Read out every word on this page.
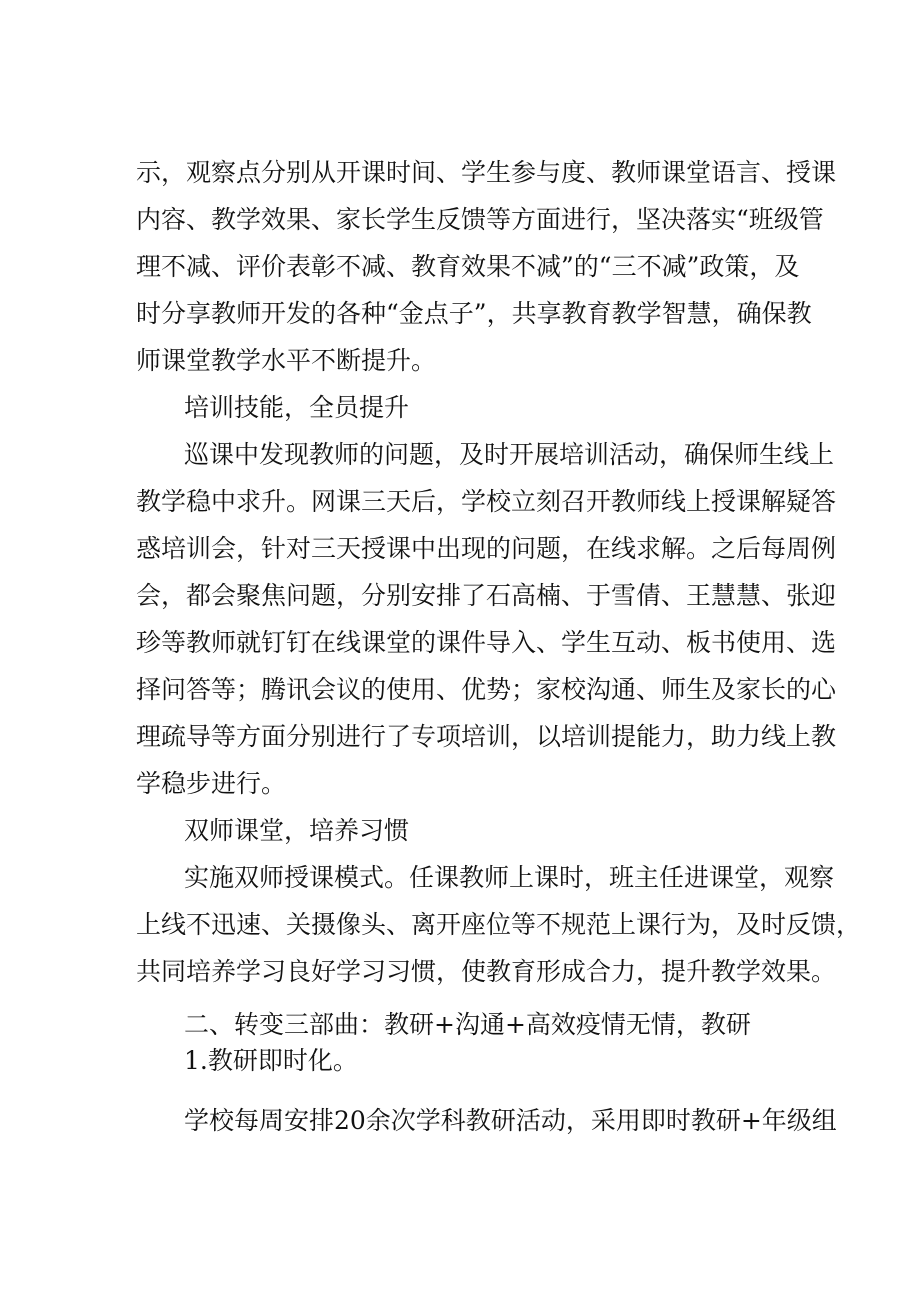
示，观察点分别从开课时间、学生参与度、教师课堂语言、授课
内容、教学效果、家长学生反馈等方面进行，坚决落实“班级管
理不减、评价表彰不减、教育效果不减”的“三不减”政策，及
时分享教师开发的各种“金点子”，共享教育教学智慧，确保教
师课堂教学水平不断提升。
培训技能，全员提升
巡课中发现教师的问题，及时开展培训活动，确保师生线上
教学稳中求升。网课三天后，学校立刻召开教师线上授课解疑答
惑培训会，针对三天授课中出现的问题，在线求解。之后每周例
会，都会聚焦问题，分别安排了石高楠、于雪倩、王慧慧、张迎
珍等教师就钉钉在线课堂的课件导入、学生互动、板书使用、选
择问答等；腾讯会议的使用、优势；家校沟通、师生及家长的心
理疏导等方面分别进行了专项培训，以培训提能力，助力线上教
学稳步进行。
双师课堂，培养习惯
实施双师授课模式。任课教师上课时，班主任进课堂，观察
上线不迅速、关摄像头、离开座位等不规范上课行为，及时反馈，
共同培养学习良好学习习惯，使教育形成合力，提升教学效果。
二、转变三部曲：教研+沟通+高效疫情无情，教研
1.教研即时化。
学校每周安排20余次学科教研活动，采用即时教研+年级组
